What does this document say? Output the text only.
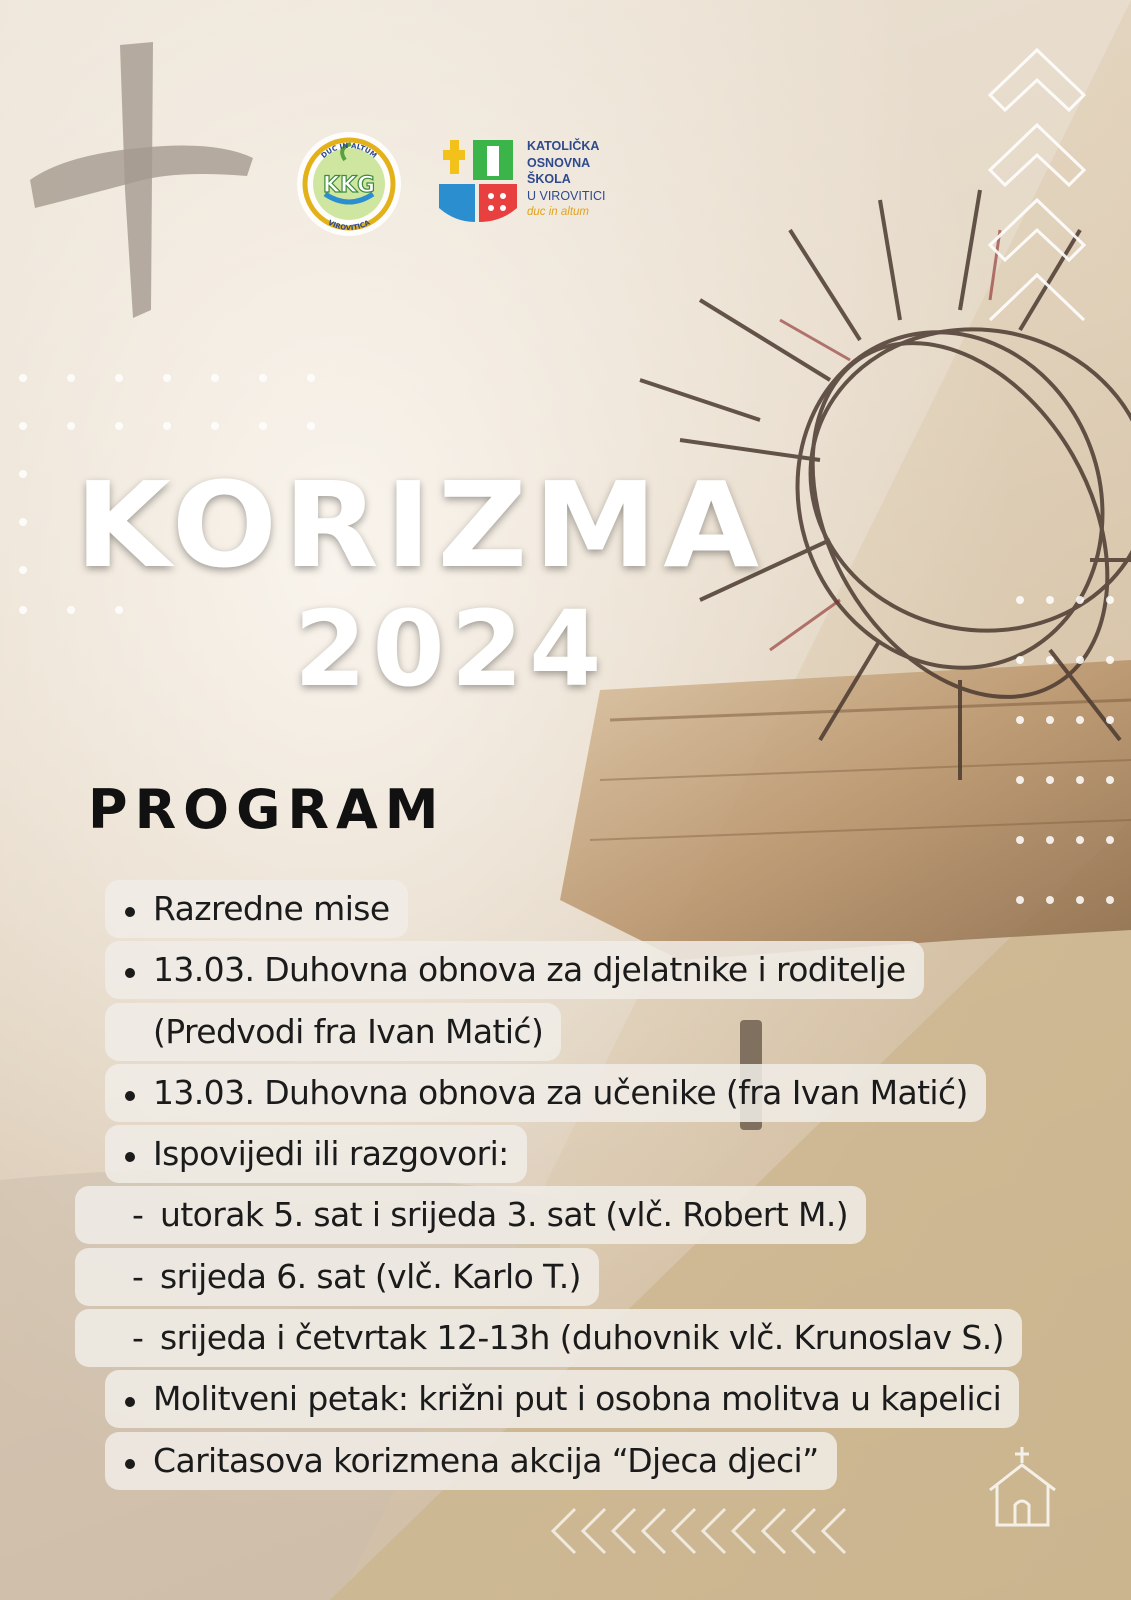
DUC IN ALTUM
VIROVITICA
KKG
KATOLIČKA
OSNOVNA
ŠKOLA
U VIROVITICI
duc in altum
KORIZMA
2024
PROGRAM
Razredne mise
13.03. Duhovna obnova za djelatnike i roditelje
(Predvodi fra Ivan Matić)
13.03. Duhovna obnova za učenike (fra Ivan Matić)
Ispovijedi ili razgovori:
- utorak 5. sat i srijeda 3. sat (vlč. Robert M.)
- srijeda 6. sat (vlč. Karlo T.)
- srijeda i četvrtak 12-13h (duhovnik vlč. Krunoslav S.)
Molitveni petak: križni put i osobna molitva u kapelici
Caritasova korizmena akcija “Djeca djeci”
